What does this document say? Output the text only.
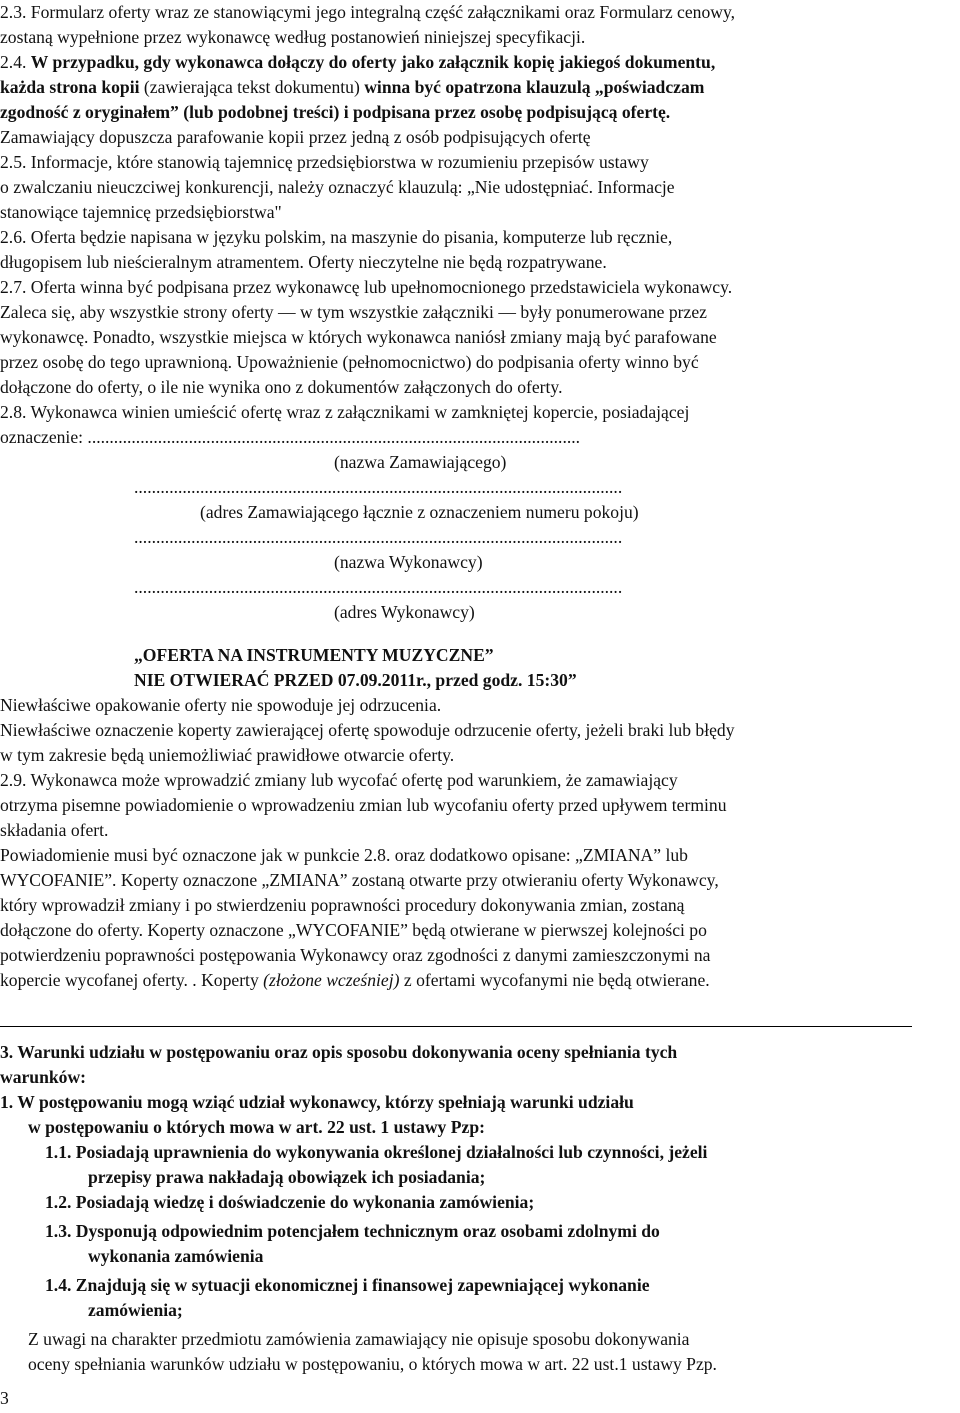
2.3. Formularz oferty wraz ze stanowiącymi jego integralną część załącznikami oraz Formularz cenowy,
zostaną wypełnione przez wykonawcę według postanowień niniejszej specyfikacji.
2.4. W przypadku, gdy wykonawca dołączy do oferty jako załącznik kopię jakiegoś dokumentu,
każda strona kopii (zawierająca tekst dokumentu) winna być opatrzona klauzulą „poświadczam
zgodność z oryginałem” (lub podobnej treści) i podpisana przez osobę podpisującą ofertę.
Zamawiający dopuszcza parafowanie kopii przez jedną z osób podpisujących ofertę
2.5. Informacje, które stanowią tajemnicę przedsiębiorstwa w rozumieniu przepisów ustawy
o zwalczaniu nieuczciwej konkurencji, należy oznaczyć klauzulą: „Nie udostępniać. Informacje
stanowiące tajemnicę przedsiębiorstwa"
2.6. Oferta będzie napisana w języku polskim, na maszynie do pisania, komputerze lub ręcznie,
długopisem lub nieścieralnym atramentem. Oferty nieczytelne nie będą rozpatrywane.
2.7. Oferta winna być podpisana przez wykonawcę lub upełnomocnionego przedstawiciela wykonawcy.
Zaleca się, aby wszystkie strony oferty — w tym wszystkie załączniki — były ponumerowane przez
wykonawcę. Ponadto, wszystkie miejsca w których wykonawca naniósł zmiany mają być parafowane
przez osobę do tego uprawnioną. Upoważnienie (pełnomocnictwo) do podpisania oferty winno być
dołączone do oferty, o ile nie wynika ono z dokumentów załączonych do oferty.
2.8. Wykonawca winien umieścić ofertę wraz z załącznikami w zamkniętej kopercie, posiadającej
oznaczenie: ................................................................................................................
(nazwa Zamawiającego)
...............................................................................................................
(adres Zamawiającego łącznie z oznaczeniem numeru pokoju)
...............................................................................................................
(nazwa Wykonawcy)
...............................................................................................................
(adres Wykonawcy)
„OFERTA NA INSTRUMENTY MUZYCZNE”
NIE OTWIERAĆ PRZED 07.09.2011r., przed godz. 15:30”
Niewłaściwe opakowanie oferty nie spowoduje jej odrzucenia.
Niewłaściwe oznaczenie koperty zawierającej ofertę spowoduje odrzucenie oferty, jeżeli braki lub błędy
w tym zakresie będą uniemożliwiać prawidłowe otwarcie oferty.
2.9. Wykonawca może wprowadzić zmiany lub wycofać ofertę pod warunkiem, że zamawiający
otrzyma pisemne powiadomienie o wprowadzeniu zmian lub wycofaniu oferty przed upływem terminu
składania ofert.
Powiadomienie musi być oznaczone jak w punkcie 2.8. oraz dodatkowo opisane: „ZMIANA” lub
WYCOFANIE”. Koperty oznaczone „ZMIANA” zostaną otwarte przy otwieraniu oferty Wykonawcy,
który wprowadził zmiany i po stwierdzeniu poprawności procedury dokonywania zmian, zostaną
dołączone do oferty. Koperty oznaczone „WYCOFANIE” będą otwierane w pierwszej kolejności po
potwierdzeniu poprawności postępowania Wykonawcy oraz zgodności z danymi zamieszczonymi na
kopercie wycofanej oferty. . Koperty (złożone wcześniej) z ofertami wycofanymi nie będą otwierane.
3. Warunki udziału w postępowaniu oraz opis sposobu dokonywania oceny spełniania tych
warunków:
1. W postępowaniu mogą wziąć udział wykonawcy, którzy spełniają warunki udziału
w postępowaniu o których mowa w art. 22 ust. 1 ustawy Pzp:
1.1. Posiadają uprawnienia do wykonywania określonej działalności lub czynności, jeżeli
przepisy prawa nakładają obowiązek ich posiadania;
1.2. Posiadają wiedzę i doświadczenie do wykonania zamówienia;
1.3. Dysponują odpowiednim potencjałem technicznym oraz osobami zdolnymi do
wykonania zamówienia
1.4. Znajdują się w sytuacji ekonomicznej i finansowej zapewniającej wykonanie
zamówienia;
Z uwagi na charakter przedmiotu zamówienia zamawiający nie opisuje sposobu dokonywania
oceny spełniania warunków udziału w postępowaniu, o których mowa w art. 22 ust.1 ustawy Pzp.
3
